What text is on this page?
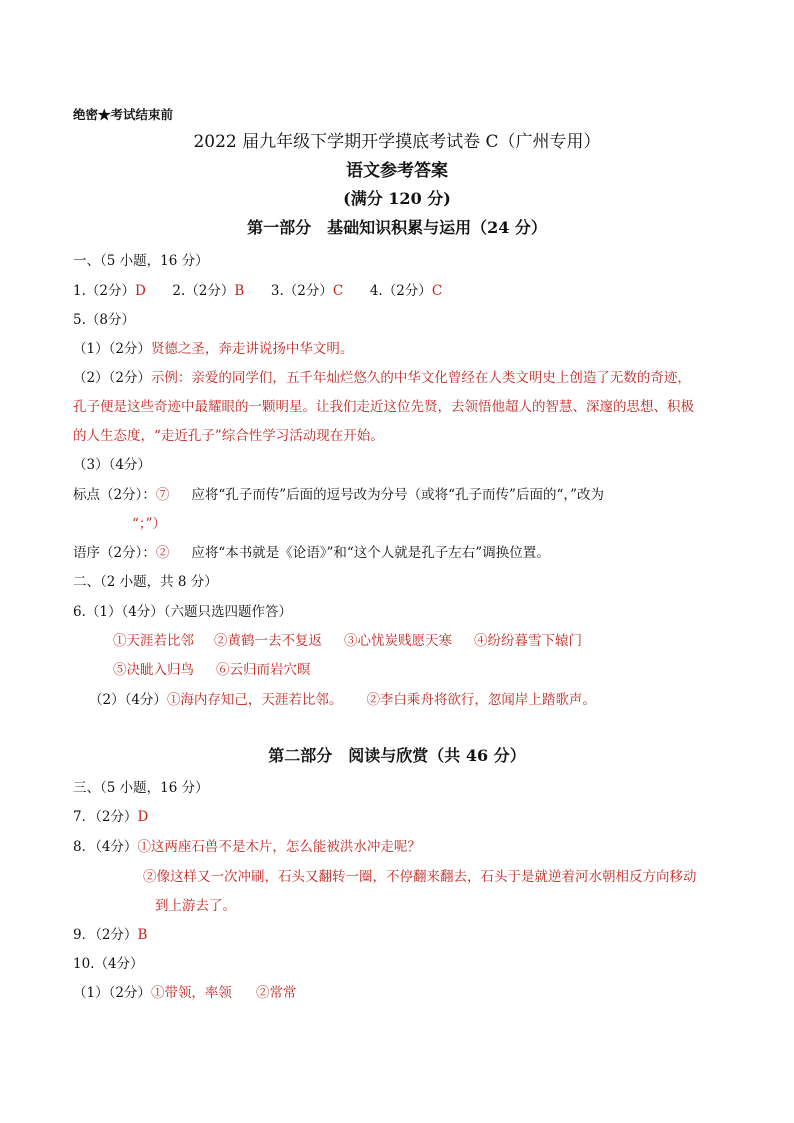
绝密★考试结束前
2022 届九年级下学期开学摸底考试卷 C（广州专用）
语文参考答案
(满分 120 分)
第一部分　基础知识积累与运用（24 分）
一、（5 小题，16 分）
1.（2分）D 2.（2分）B 3.（2分）C 4.（2分）C
5.（8分）
（1）（2分）贤德之圣，奔走讲说扬中华文明。
（2）（2分）示例：亲爱的同学们，五千年灿烂悠久的中华文化曾经在人类文明史上创造了无数的奇迹，
孔子便是这些奇迹中最耀眼的一颗明星。让我们走近这位先贤，去领悟他超人的智慧、深邃的思想、积极
的人生态度，“走近孔子”综合性学习活动现在开始。
（3）（4分）
标点（2分）：⑦ 应将“孔子而传”后面的逗号改为分号（或将“孔子而传”后面的“，”改为
“；”）
语序（2分）：② 应将“本书就是《论语》”和“这个人就是孔子左右”调换位置。
二、（2 小题，共 8 分）
6.（1）（4分）（六题只选四题作答）
①天涯若比邻 ②黄鹤一去不复返 ③心忧炭贱愿天寒 ④纷纷暮雪下辕门
⑤决眦入归鸟 ⑥云归而岩穴暝
（2）（4分）①海内存知己，天涯若比邻。 ②李白乘舟将欲行，忽闻岸上踏歌声。
第二部分　阅读与欣赏（共 46 分）
三、（5 小题，16 分）
7．（2分）D
8．（4分）①这两座石兽不是木片，怎么能被洪水冲走呢？
②像这样又一次冲刷，石头又翻转一圈，不停翻来翻去，石头于是就逆着河水朝相反方向移动
到上游去了。
9．（2分）B
10.（4分）
（1）（2分）①带领，率领 ②常常
